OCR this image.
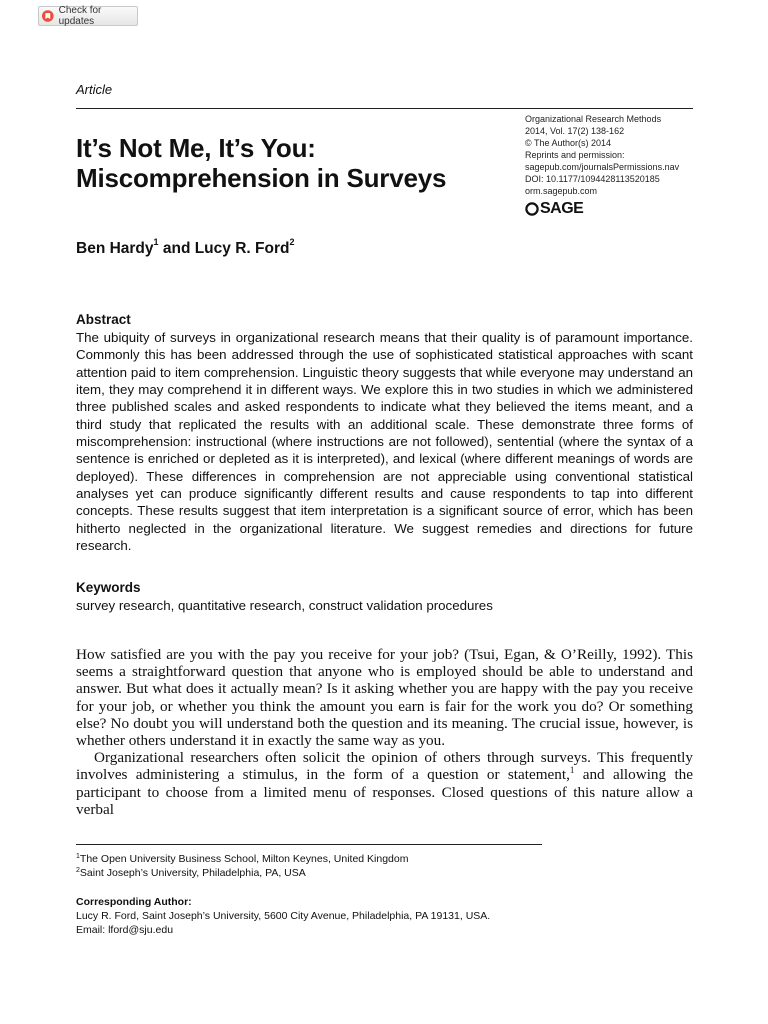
Check for updates
Article
It’s Not Me, It’s You:
Miscomprehension in Surveys
Organizational Research Methods
2014, Vol. 17(2) 138-162
© The Author(s) 2014
Reprints and permission:
sagepub.com/journalsPermissions.nav
DOI: 10.1177/1094428113520185
orm.sagepub.com
SAGE
Ben Hardy$^1$ and Lucy R. Ford$^2$
Abstract

The ubiquity of surveys in organizational research means that their quality is of paramount importance. Commonly this has been addressed through the use of sophisticated statistical approaches with scant attention paid to item comprehension. Linguistic theory suggests that while everyone may understand an item, they may comprehend it in different ways. We explore this in two studies in which we administered three published scales and asked respondents to indicate what they believed the items meant, and a third study that replicated the results with an additional scale. These demonstrate three forms of miscomprehension: instructional (where instructions are not followed), sentential (where the syntax of a sentence is enriched or depleted as it is interpreted), and lexical (where different meanings of words are deployed). These differences in comprehension are not appreciable using conventional statistical analyses yet can produce significantly different results and cause respondents to tap into different concepts. These results suggest that item interpretation is a significant source of error, which has been hitherto neglected in the organizational literature. We suggest remedies and directions for future research.

Keywords
survey research, quantitative research, construct validation procedures

How satisfied are you with the pay you receive for your job? (Tsui, Egan, & O’Reilly, 1992). This seems a straightforward question that anyone who is employed should be able to understand and answer. But what does it actually mean? Is it asking whether you are happy with the pay you receive for your job, or whether you think the amount you earn is fair for the work you do? Or something else? No doubt you will understand both the question and its meaning. The crucial issue, however, is whether others understand it in exactly the same way as you.

Organizational researchers often solicit the opinion of others through surveys. This frequently involves administering a stimulus, in the form of a question or statement,$^1$ and allowing the participant to choose from a limited menu of responses. Closed questions of this nature allow a verbal

$^1$The Open University Business School, Milton Keynes, United Kingdom
$^2$Saint Joseph’s University, Philadelphia, PA, USA
Corresponding Author:
Lucy R. Ford, Saint Joseph’s University, 5600 City Avenue, Philadelphia, PA 19131, USA.
Email: lford@sju.edu
